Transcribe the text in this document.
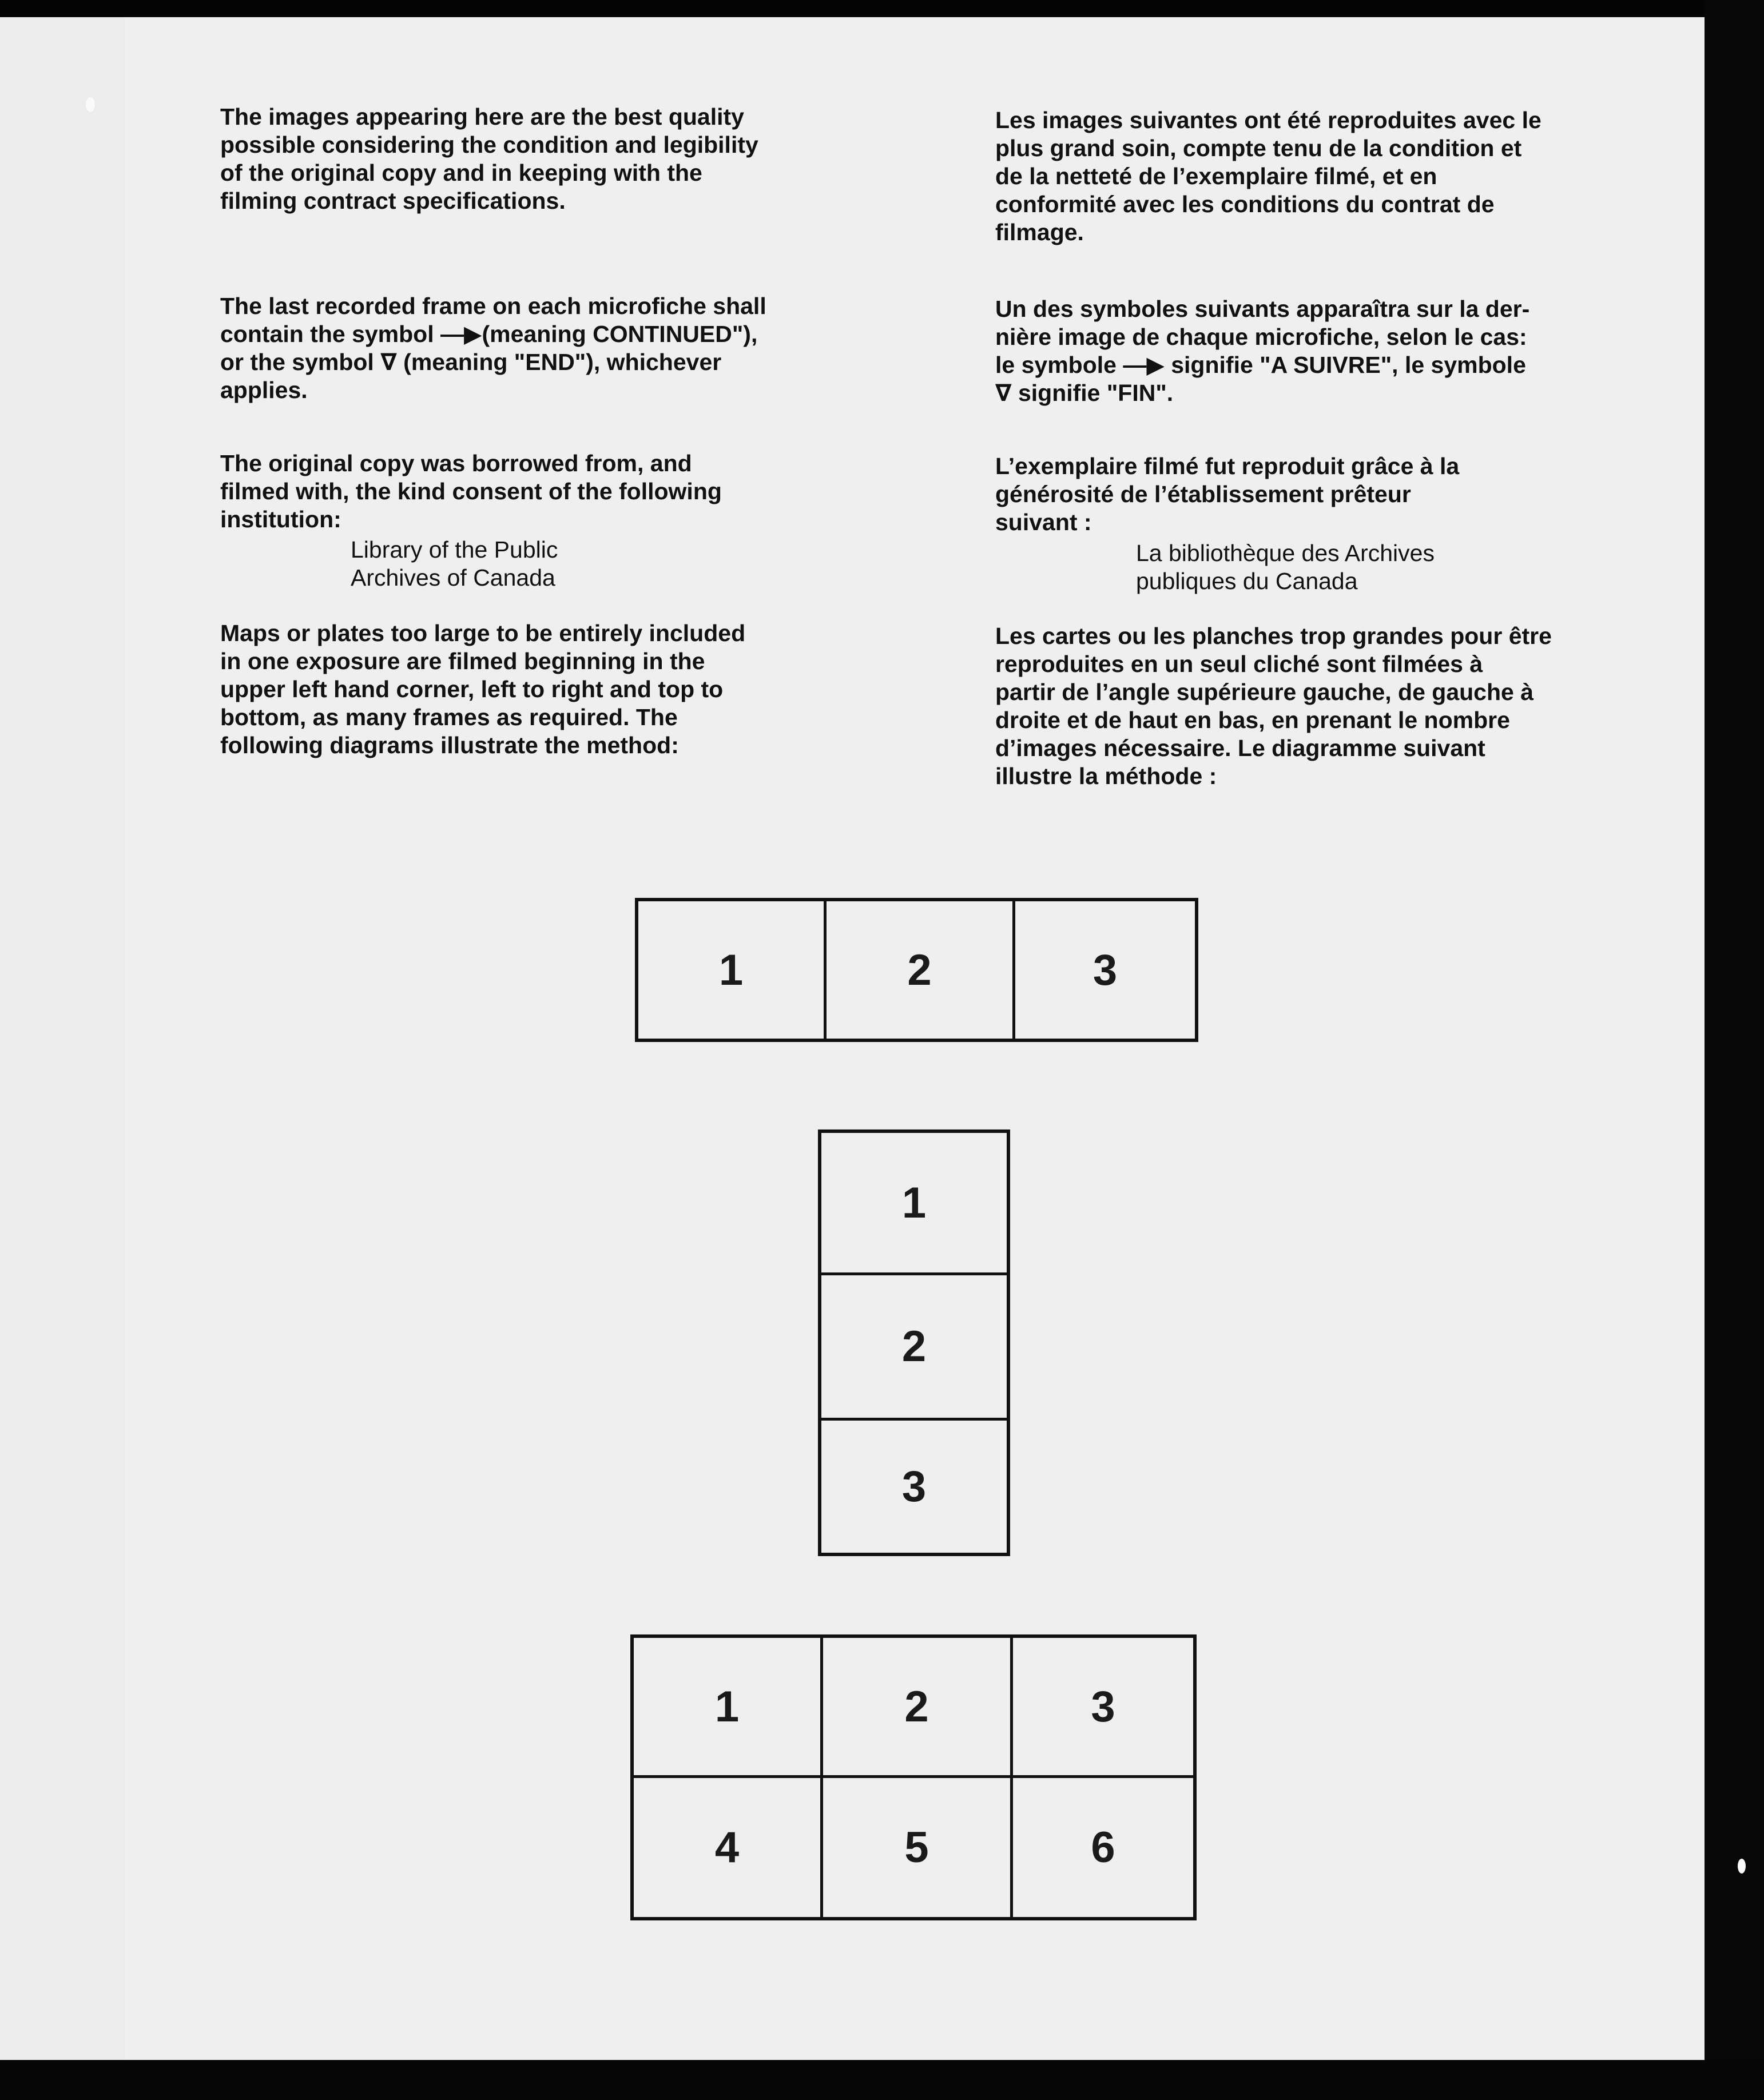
The images appearing here are the best quality
possible considering the condition and legibility
of the original copy and in keeping with the
filming contract specifications.

The last recorded frame on each microfiche shall
contain the symbol —▶(meaning CONTINUED"),
or the symbol ∇ (meaning "END"), whichever
applies.

The original copy was borrowed from, and
filmed with, the kind consent of the following
institution:

Library of the Public
Archives of Canada

Maps or plates too large to be entirely included
in one exposure are filmed beginning in the
upper left hand corner, left to right and top to
bottom, as many frames as required. The
following diagrams illustrate the method:

Les images suivantes ont été reproduites avec le
plus grand soin, compte tenu de la condition et
de la netteté de l’exemplaire filmé, et en
conformité avec les conditions du contrat de
filmage.

Un des symboles suivants apparaîtra sur la der-
nière image de chaque microfiche, selon le cas:
le symbole —▶ signifie "A SUIVRE", le symbole
∇ signifie "FIN".

L’exemplaire filmé fut reproduit grâce à la
générosité de l’établissement prêteur
suivant :

La bibliothèque des Archives
publiques du Canada

Les cartes ou les planches trop grandes pour être
reproduites en un seul cliché sont filmées à
partir de l’angle supérieure gauche, de gauche à
droite et de haut en bas, en prenant le nombre
d’images nécessaire. Le diagramme suivant
illustre la méthode :

1	2	3
1
2
3
1	2	3
4	5	6
